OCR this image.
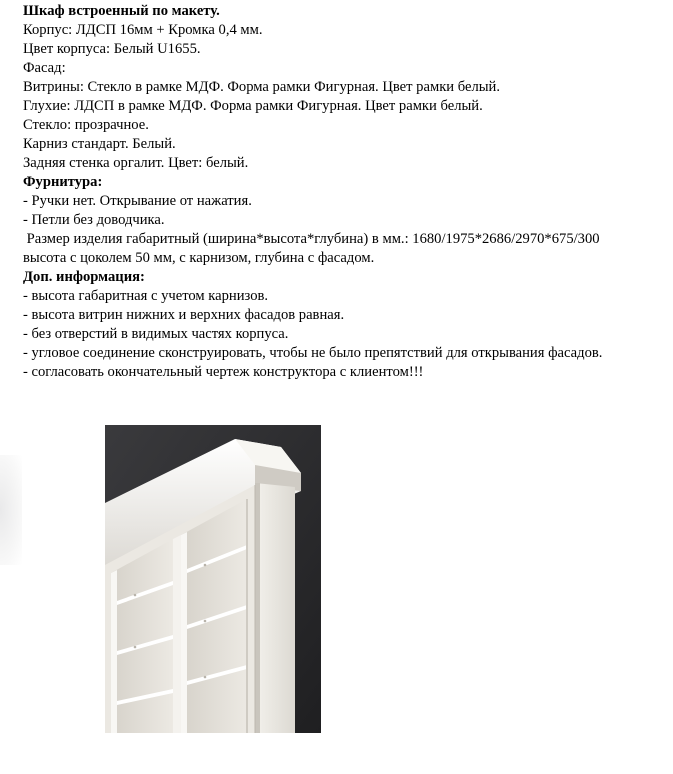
Шкаф встроенный по макету.
Корпус: ЛДСП 16мм + Кромка 0,4 мм.
Цвет корпуса: Белый U1655.
Фасад:
Витрины: Стекло в рамке МДФ. Форма рамки Фигурная. Цвет рамки белый.
Глухие: ЛДСП в рамке МДФ. Форма рамки Фигурная. Цвет рамки белый.
Стекло: прозрачное.
Карниз стандарт. Белый.
Задняя стенка оргалит. Цвет: белый.
Фурнитура:
- Ручки нет. Открывание от нажатия.
- Петли без доводчика.
Размер изделия габаритный (ширина*высота*глубина) в мм.: 1680/1975*2686/2970*675/300
высота с цоколем 50 мм, с карнизом, глубина с фасадом.
Доп. информация:
- высота габаритная с учетом карнизов.
- высота витрин нижних и верхних фасадов равная.
- без отверстий в видимых частях корпуса.
- угловое соединение сконструировать, чтобы не было препятствий для открывания фасадов.
- согласовать окончательный чертеж конструктора с клиентом!!!
